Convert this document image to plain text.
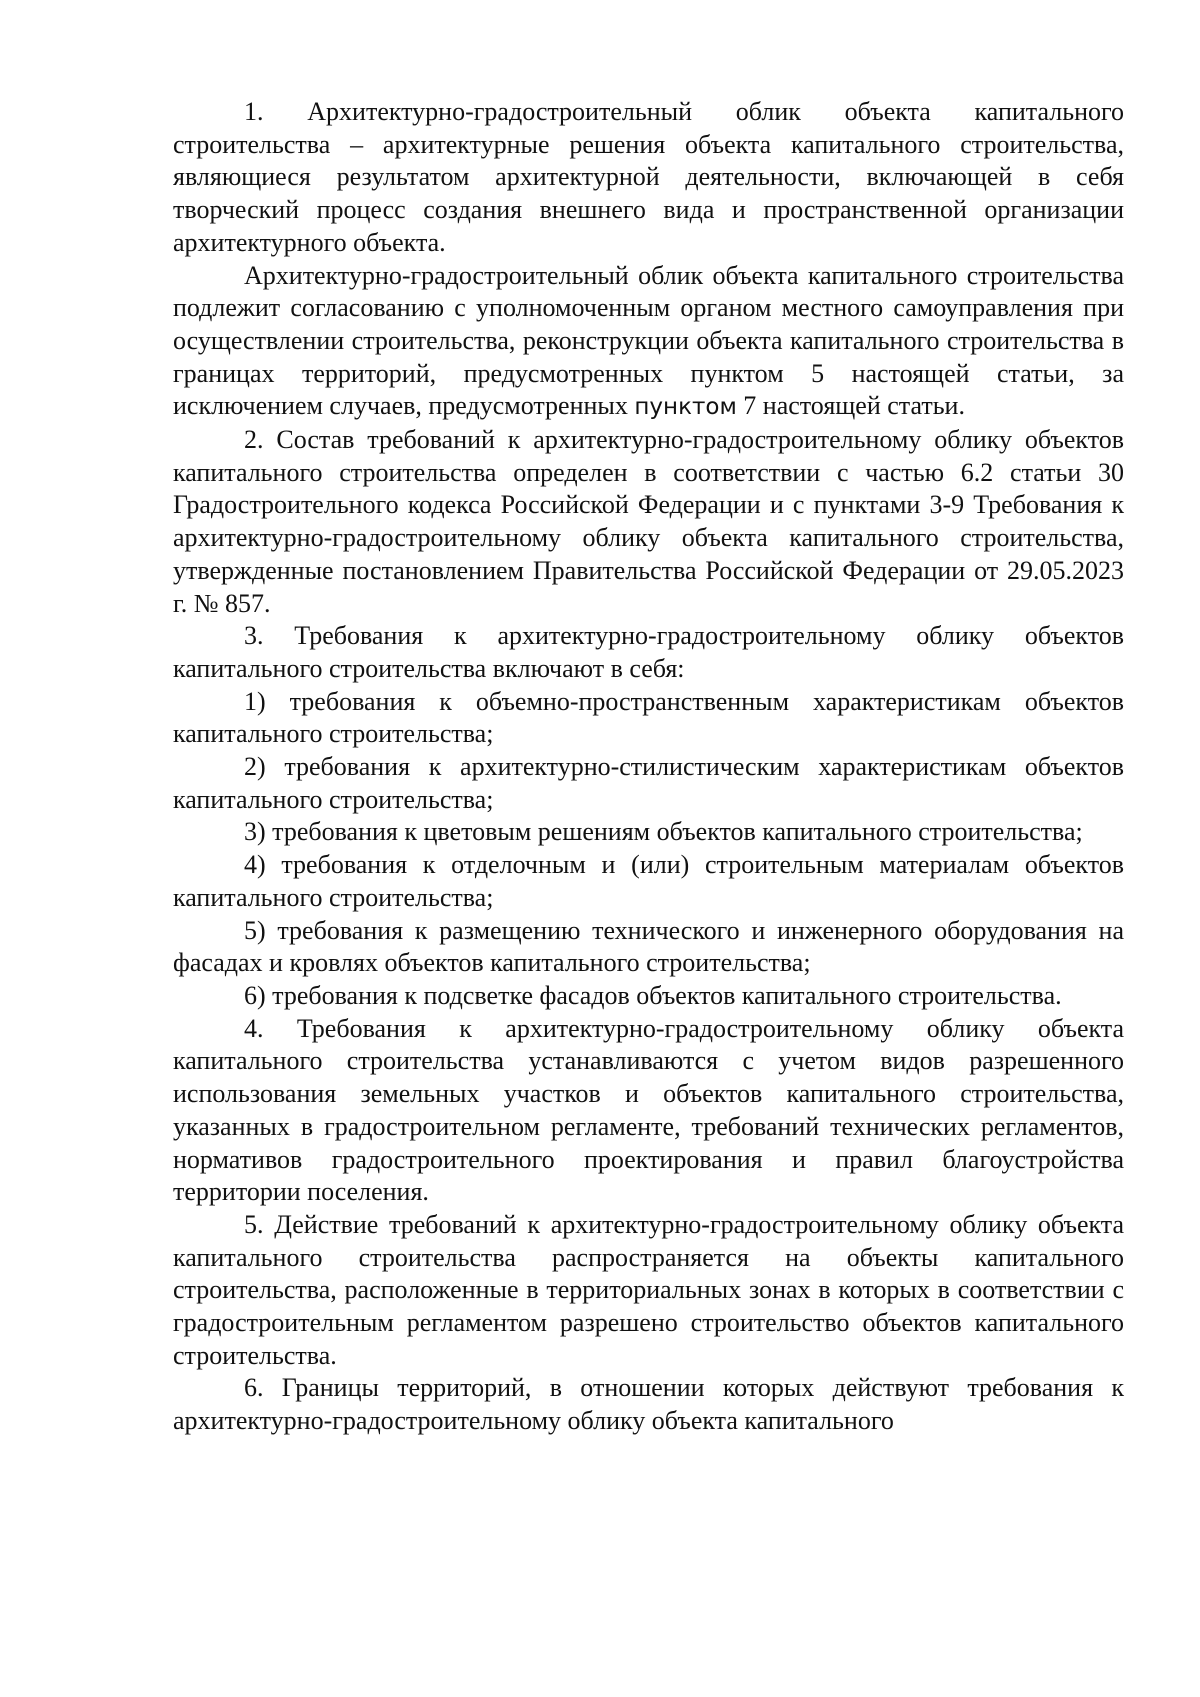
1. Архитектурно-градостроительный облик объекта капитального строительства – архитектурные решения объекта капитального строительства, являющиеся результатом архитектурной деятельности, включающей в себя творческий процесс создания внешнего вида и пространственной организации архитектурного объекта.

Архитектурно-градостроительный облик объекта капитального строительства подлежит согласованию с уполномоченным органом местного самоуправления при осуществлении строительства, реконструкции объекта капитального строительства в границах территорий, предусмотренных пунктом 5 настоящей статьи, за исключением случаев, предусмотренных пунктом 7 настоящей статьи.

2. Состав требований к архитектурно-градостроительному облику объектов капитального строительства определен в соответствии с частью 6.2 статьи 30 Градостроительного кодекса Российской Федерации и с пунктами 3-9 Требования к архитектурно-градостроительному облику объекта капитального строительства, утвержденные постановлением Правительства Российской Федерации от 29.05.2023 г. № 857.

3. Требования к архитектурно-градостроительному облику объектов капитального строительства включают в себя:

1) требования к объемно-пространственным характеристикам объектов капитального строительства;

2) требования к архитектурно-стилистическим характеристикам объектов капитального строительства;

3) требования к цветовым решениям объектов капитального строительства;

4) требования к отделочным и (или) строительным материалам объектов капитального строительства;

5) требования к размещению технического и инженерного оборудования на фасадах и кровлях объектов капитального строительства;

6) требования к подсветке фасадов объектов капитального строительства.

4. Требования к архитектурно-градостроительному облику объекта капитального строительства устанавливаются с учетом видов разрешенного использования земельных участков и объектов капитального строительства, указанных в градостроительном регламенте, требований технических регламентов, нормативов градостроительного проектирования и правил благоустройства территории поселения.

5. Действие требований к архитектурно-градостроительному облику объекта капитального строительства распространяется на объекты капитального строительства, расположенные в территориальных зонах в которых в соответствии с градостроительным регламентом разрешено строительство объектов капитального строительства.

6. Границы территорий, в отношении которых действуют требования к архитектурно-градостроительному облику объекта капитального
